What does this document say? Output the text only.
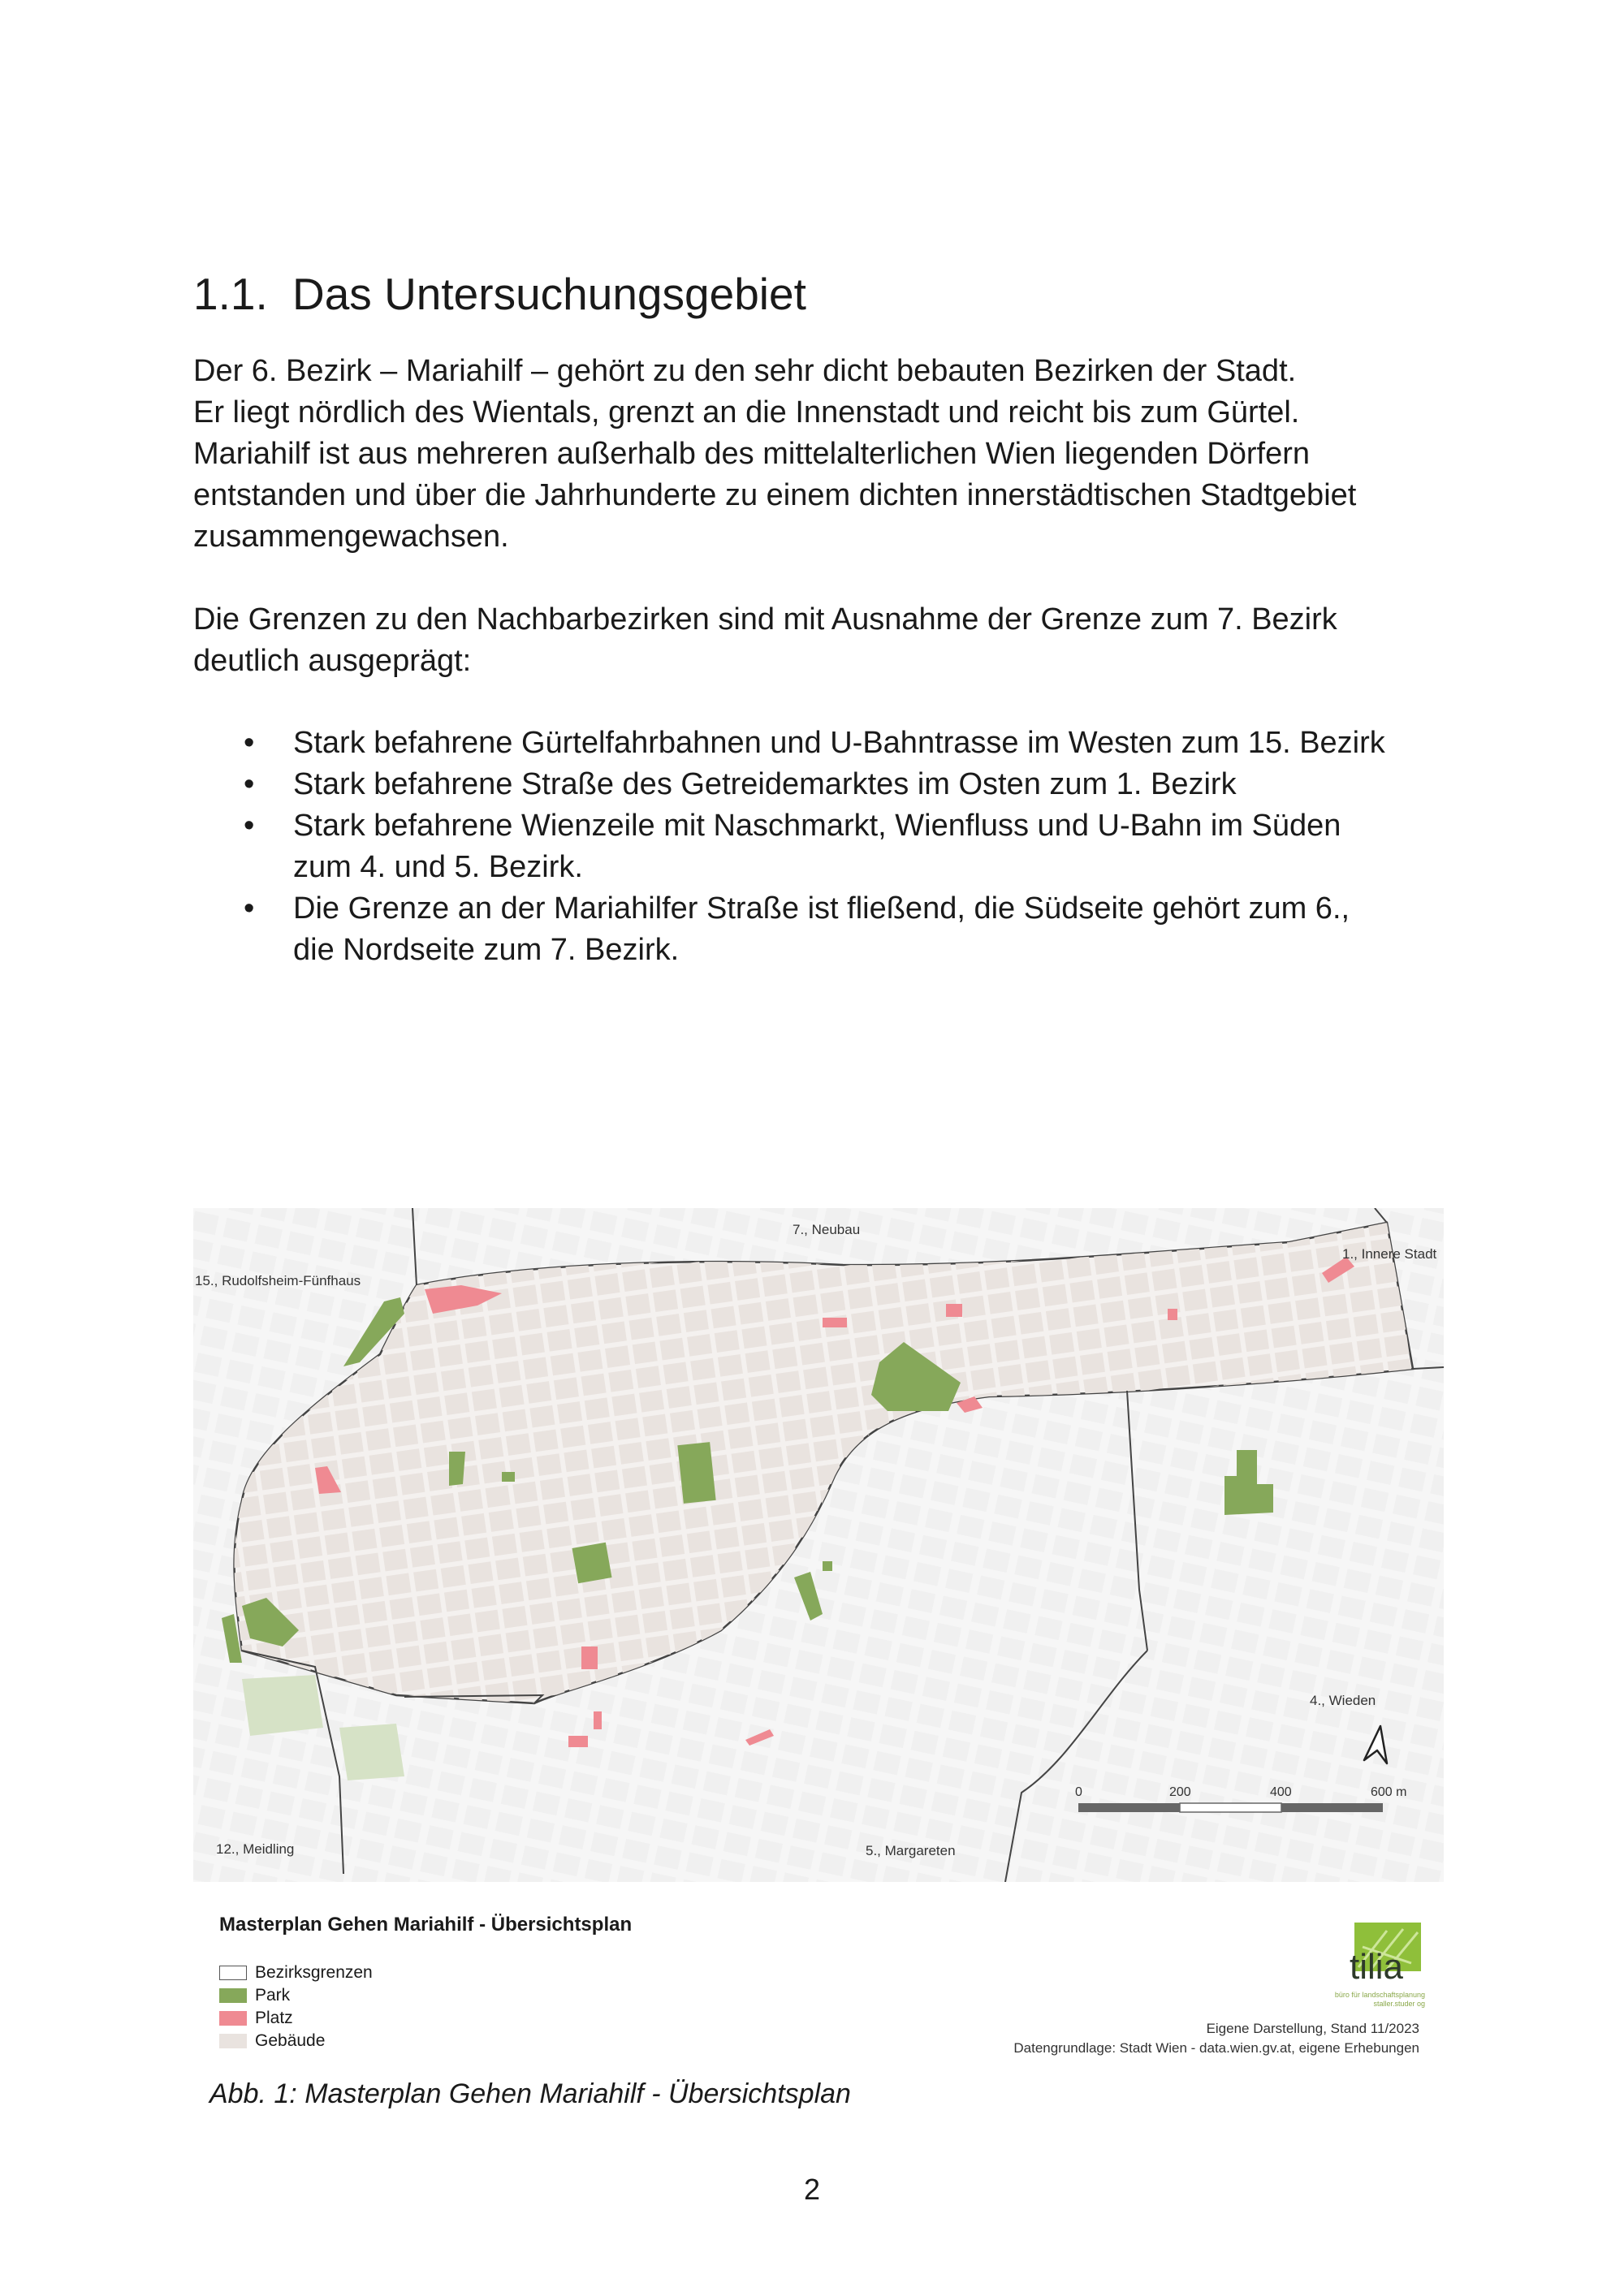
1.1. Das Untersuchungsgebiet

Der 6. Bezirk – Mariahilf – gehört zu den sehr dicht bebauten Bezirken der Stadt.
Er liegt nördlich des Wientals, grenzt an die Innenstadt und reicht bis zum Gürtel.
Mariahilf ist aus mehreren außerhalb des mittelalterlichen Wien liegenden Dörfern
entstanden und über die Jahrhunderte zu einem dichten innerstädtischen Stadtgebiet
zusammengewachsen.

Die Grenzen zu den Nachbarbezirken sind mit Ausnahme der Grenze zum 7. Bezirk
deutlich ausgeprägt:

• Stark befahrene Gürtelfahrbahnen und U-Bahntrasse im Westen zum 15. Bezirk
• Stark befahrene Straße des Getreidemarktes im Osten zum 1. Bezirk
• Stark befahrene Wienzeile mit Naschmarkt, Wienfluss und U-Bahn im Süden
zum 4. und 5. Bezirk.
• Die Grenze an der Mariahilfer Straße ist fließend, die Südseite gehört zum 6.,
die Nordseite zum 7. Bezirk.
7., Neubau
1., Innere Stadt
15., Rudolfsheim-Fünfhaus
4., Wieden
12., Meidling	5., Margareten
0	200	400	600 m

Masterplan Gehen Mariahilf - Übersichtsplan

Bezirksgrenzen
Park
Platz
Gebäude
tilia
büro für landschaftsplanung
staller.studer og
Eigene Darstellung, Stand 11/2023
Datengrundlage: Stadt Wien - data.wien.gv.at, eigene Erhebungen

Abb. 1: Masterplan Gehen Mariahilf - Übersichtsplan

2
